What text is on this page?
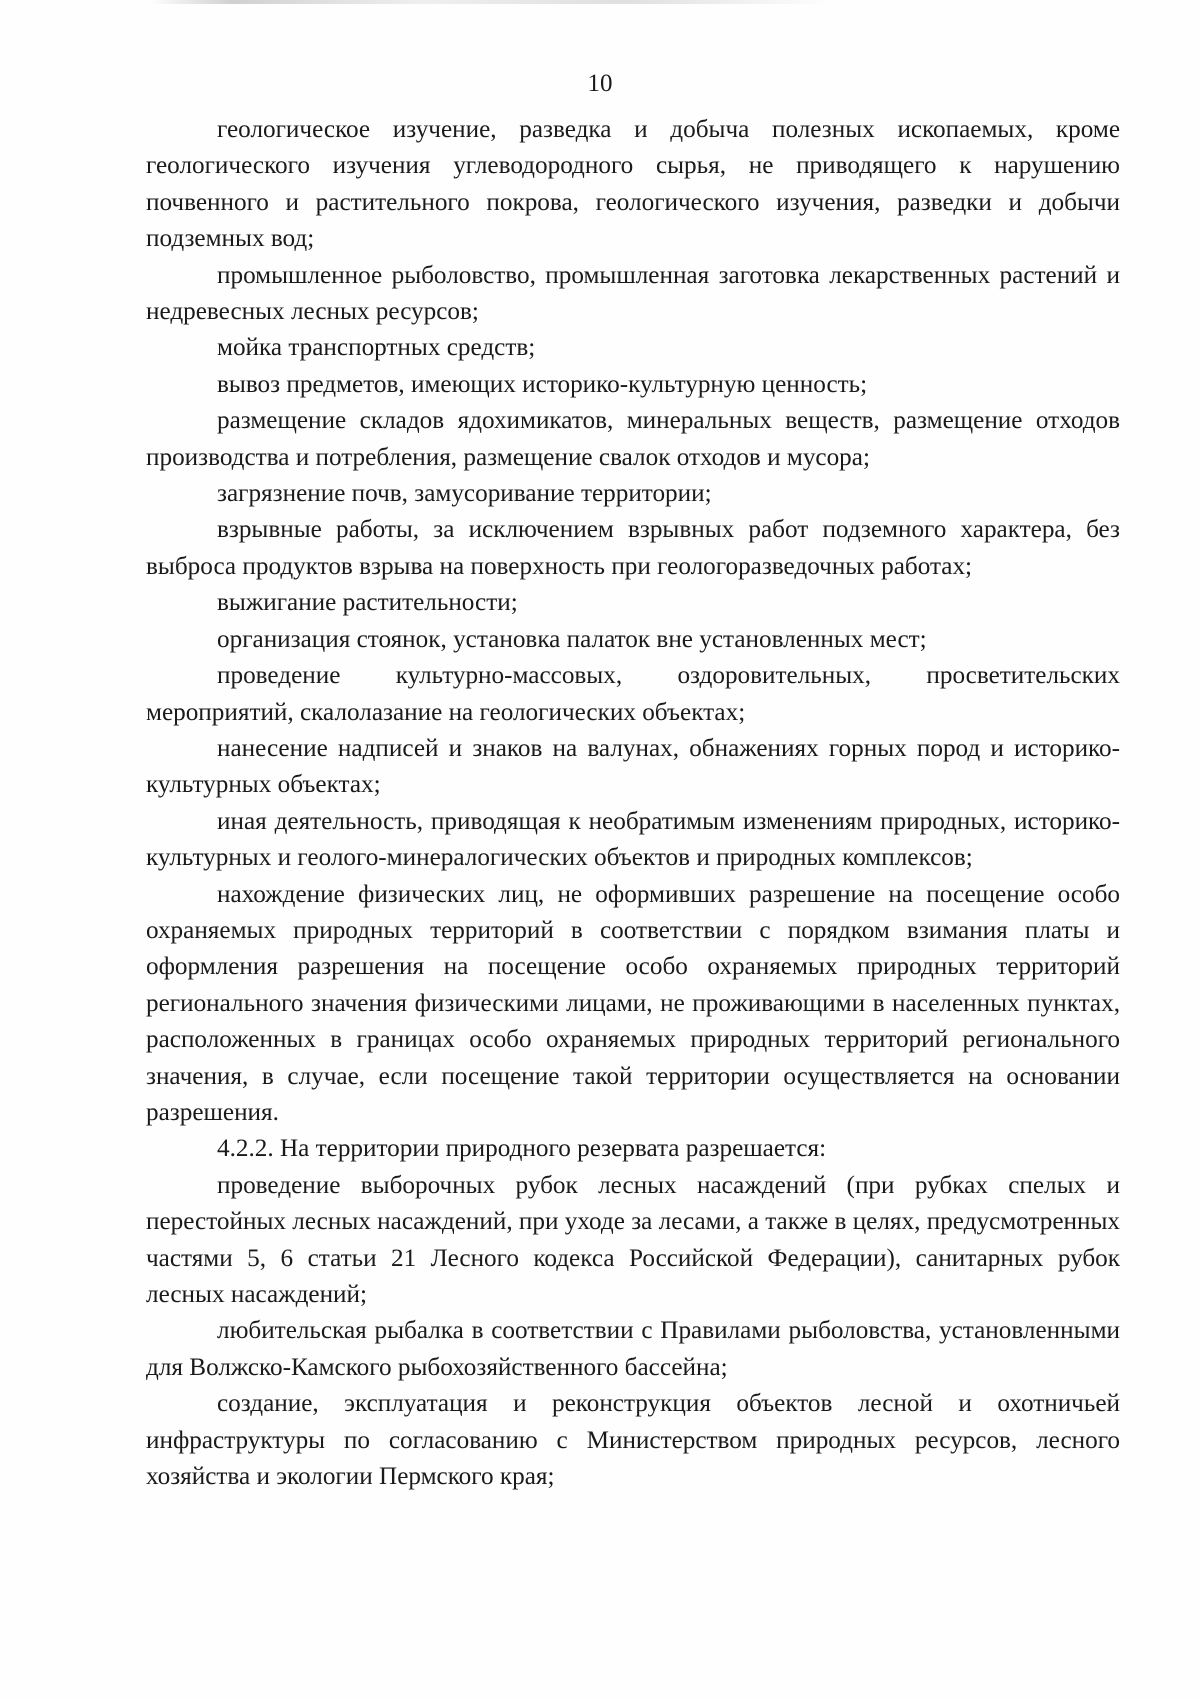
10

геологическое изучение, разведка и добыча полезных ископаемых, кроме геологического изучения углеводородного сырья, не приводящего к нарушению почвенного и растительного покрова, геологического изучения, разведки и добычи подземных вод;

промышленное рыболовство, промышленная заготовка лекарственных растений и недревесных лесных ресурсов;

мойка транспортных средств;

вывоз предметов, имеющих историко-культурную ценность;

размещение складов ядохимикатов, минеральных веществ, размещение отходов производства и потребления, размещение свалок отходов и мусора;

загрязнение почв, замусоривание территории;

взрывные работы, за исключением взрывных работ подземного характера, без выброса продуктов взрыва на поверхность при геологоразведочных работах;

выжигание растительности;

организация стоянок, установка палаток вне установленных мест;

проведение культурно-массовых, оздоровительных, просветительских мероприятий, скалолазание на геологических объектах;

нанесение надписей и знаков на валунах, обнажениях горных пород и историко-культурных объектах;

иная деятельность, приводящая к необратимым изменениям природных, историко-культурных и геолого-минералогических объектов и природных комплексов;

нахождение физических лиц, не оформивших разрешение на посещение особо охраняемых природных территорий в соответствии с порядком взимания платы и оформления разрешения на посещение особо охраняемых природных территорий регионального значения физическими лицами, не проживающими в населенных пунктах, расположенных в границах особо охраняемых природных территорий регионального значения, в случае, если посещение такой территории осуществляется на основании разрешения.

4.2.2. На территории природного резервата разрешается:

проведение выборочных рубок лесных насаждений (при рубках спелых и перестойных лесных насаждений, при уходе за лесами, а также в целях, предусмотренных частями 5, 6 статьи 21 Лесного кодекса Российской Федерации), санитарных рубок лесных насаждений;

любительская рыбалка в соответствии с Правилами рыболовства, установленными для Волжско-Камского рыбохозяйственного бассейна;

создание, эксплуатация и реконструкция объектов лесной и охотничьей инфраструктуры по согласованию с Министерством природных ресурсов, лесного хозяйства и экологии Пермского края;
